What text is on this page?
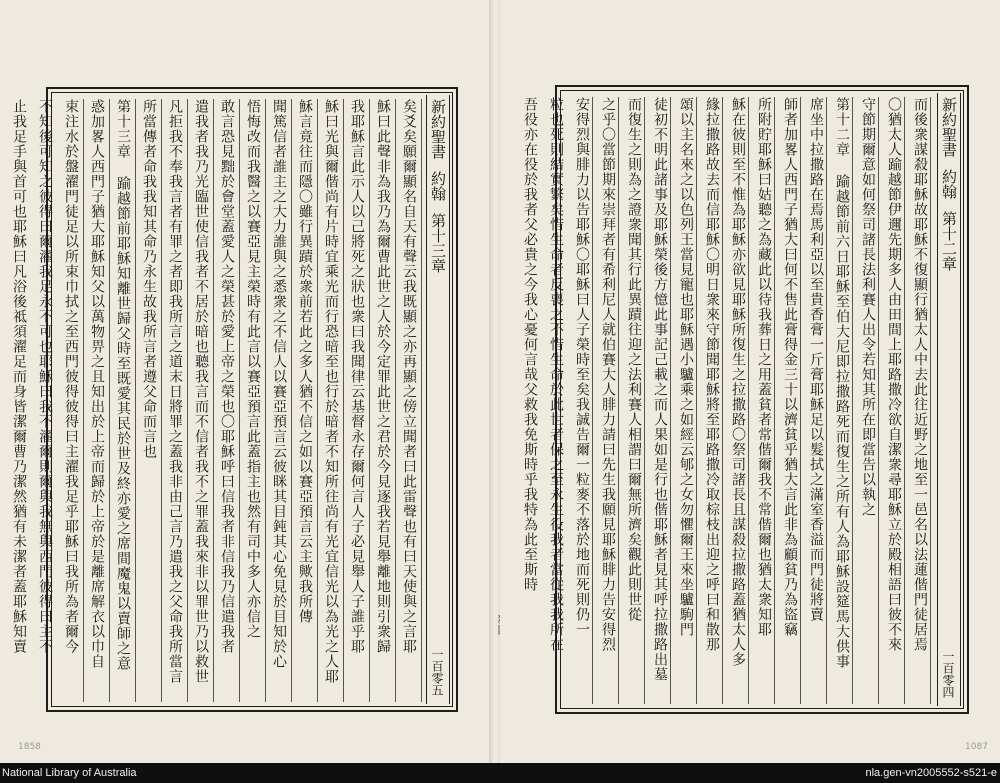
新約聖書約翰第十三章
一百零五
矣爻矣願爾顯名自天有聲云我既顯之亦再顯之傍立聞者曰此雷聲也有曰天使與之言耶
穌曰此聲非為我乃為爾曹此世之人於今定罪此世之君於今見逐我若見舉離地則引衆歸
我耶穌言此示人以己將死之狀也衆曰我聞律云基督永存爾何言人子必見舉人子誰乎耶
穌曰光與爾偕尚有片時宜乘光而行恐暗至也行於暗者不知所往尚有光宜信光以為光之人耶
穌言竟往而隱〇雖行異蹟於衆前若此之多人猶不信之如以賽亞預言云主歟我所傳
聞篤信者誰主之大力誰與之悉衆之不信人以賽亞預言云彼眯其目鈍其心免見於目知於心
悟悔改而我醫之以賽亞見主榮時有此言以賽亞預言此蓋指主也然有司中多人亦信之
敢言恐見黜於會堂蓋愛人之榮甚於愛上帝之榮也〇耶穌呼曰信我者非信我乃信遣我者
遣我者我乃光臨世使信我者不居於暗也聽我言而不信者我不之罪蓋我來非以罪世乃以救世
凡拒我不奉我言者有罪之者即我所言之道末日將罪之蓋我非由己言乃遣我之父命我所當言
所當傳者命我我知其命乃永生故我所言者遵父命而言也
第十三章 踰越節前耶穌知離世歸父時至既愛其民於世及終亦愛之席間魔鬼以賣師之意
惑加畧人西門子猶大耶穌知父以萬物畀之且知出於上帝而歸於上帝於是離席解衣以巾自
束注水於盤濯門徒足以所束巾拭之至西門彼得彼得曰主濯我足乎耶穌曰我所為者爾今
不知後可知之彼得曰爾濯我足永不可也耶穌曰我不濯爾則爾與我無與西門彼得曰主不
止我足手與首可也耶穌曰凡浴後祗須濯足而身皆潔爾曹乃潔然猶有未潔者蓋耶穌知賣	新約聖書約翰第十二章
一百零四
而後衆謀殺耶穌故耶穌不復顯行猶太人中去此往近野之地至一邑名以法蓮偕門徒居焉
〇猶太人踰越節伊邇先期多人由田間上耶路撒冷欲自潔衆尋耶穌立於殿相語曰彼不來
守節期爾意如何祭司諸長法利賽人出令若知其所在即當告以執之
第十二章 踰越節前六日耶穌至伯大尼即拉撒路死而復生之所有人為耶穌設筵馬大供事
席坐中拉撒路在焉馬利亞以至貴香膏一斤膏耶穌足以髮拭之滿室香溢而門徒將賣
師者加畧人西門子猶大曰何不售此膏得金三十以濟貧乎猶大言此非為顧貧乃為盜竊
所附貯耶穌曰姑聽之為藏此以待我葬日之用蓋貧者常偕爾我不常偕爾也猶太衆知耶
穌在彼則至不惟為耶穌亦欲見耶穌所復生之拉撒路〇祭司諸長且謀殺拉撒路蓋猶太人多
緣拉撒路故去而信耶穌〇明日衆來守節聞耶穌將至耶路撒冷取棕枝出迎之呼曰和散那
頌以主名來之以色列王當見寵也耶穌遇小驢乘之如經云郇之女勿懼爾王來坐驢駒門
徒初不明此諸事及耶穌榮後方憶此事記己載之而人果如是行也偕耶穌者見其呼拉撒路出墓
而復生之則為之證衆聞其行此異蹟往迎之法利賽人相謂曰爾無所濟矣觀此則世從
之乎〇當節期來崇拜者有希利尼人就伯賽大人腓力請曰先生我願見耶穌腓力告安得烈
安得烈與腓力以告耶穌〇耶穌曰人子榮時至矣我誠告爾一粒麥不落於地而死則仍一
粒也死則結實繁矣惜生命者反喪之不惜生命於此世者保之至永生役我者當從我我所在
吾役亦在役於我者父必貴之今我心憂何言哉父救我免斯時乎我特為此至斯時
1858	1087
National Library of Australia	nla.gen-vn2005552-s521-e
